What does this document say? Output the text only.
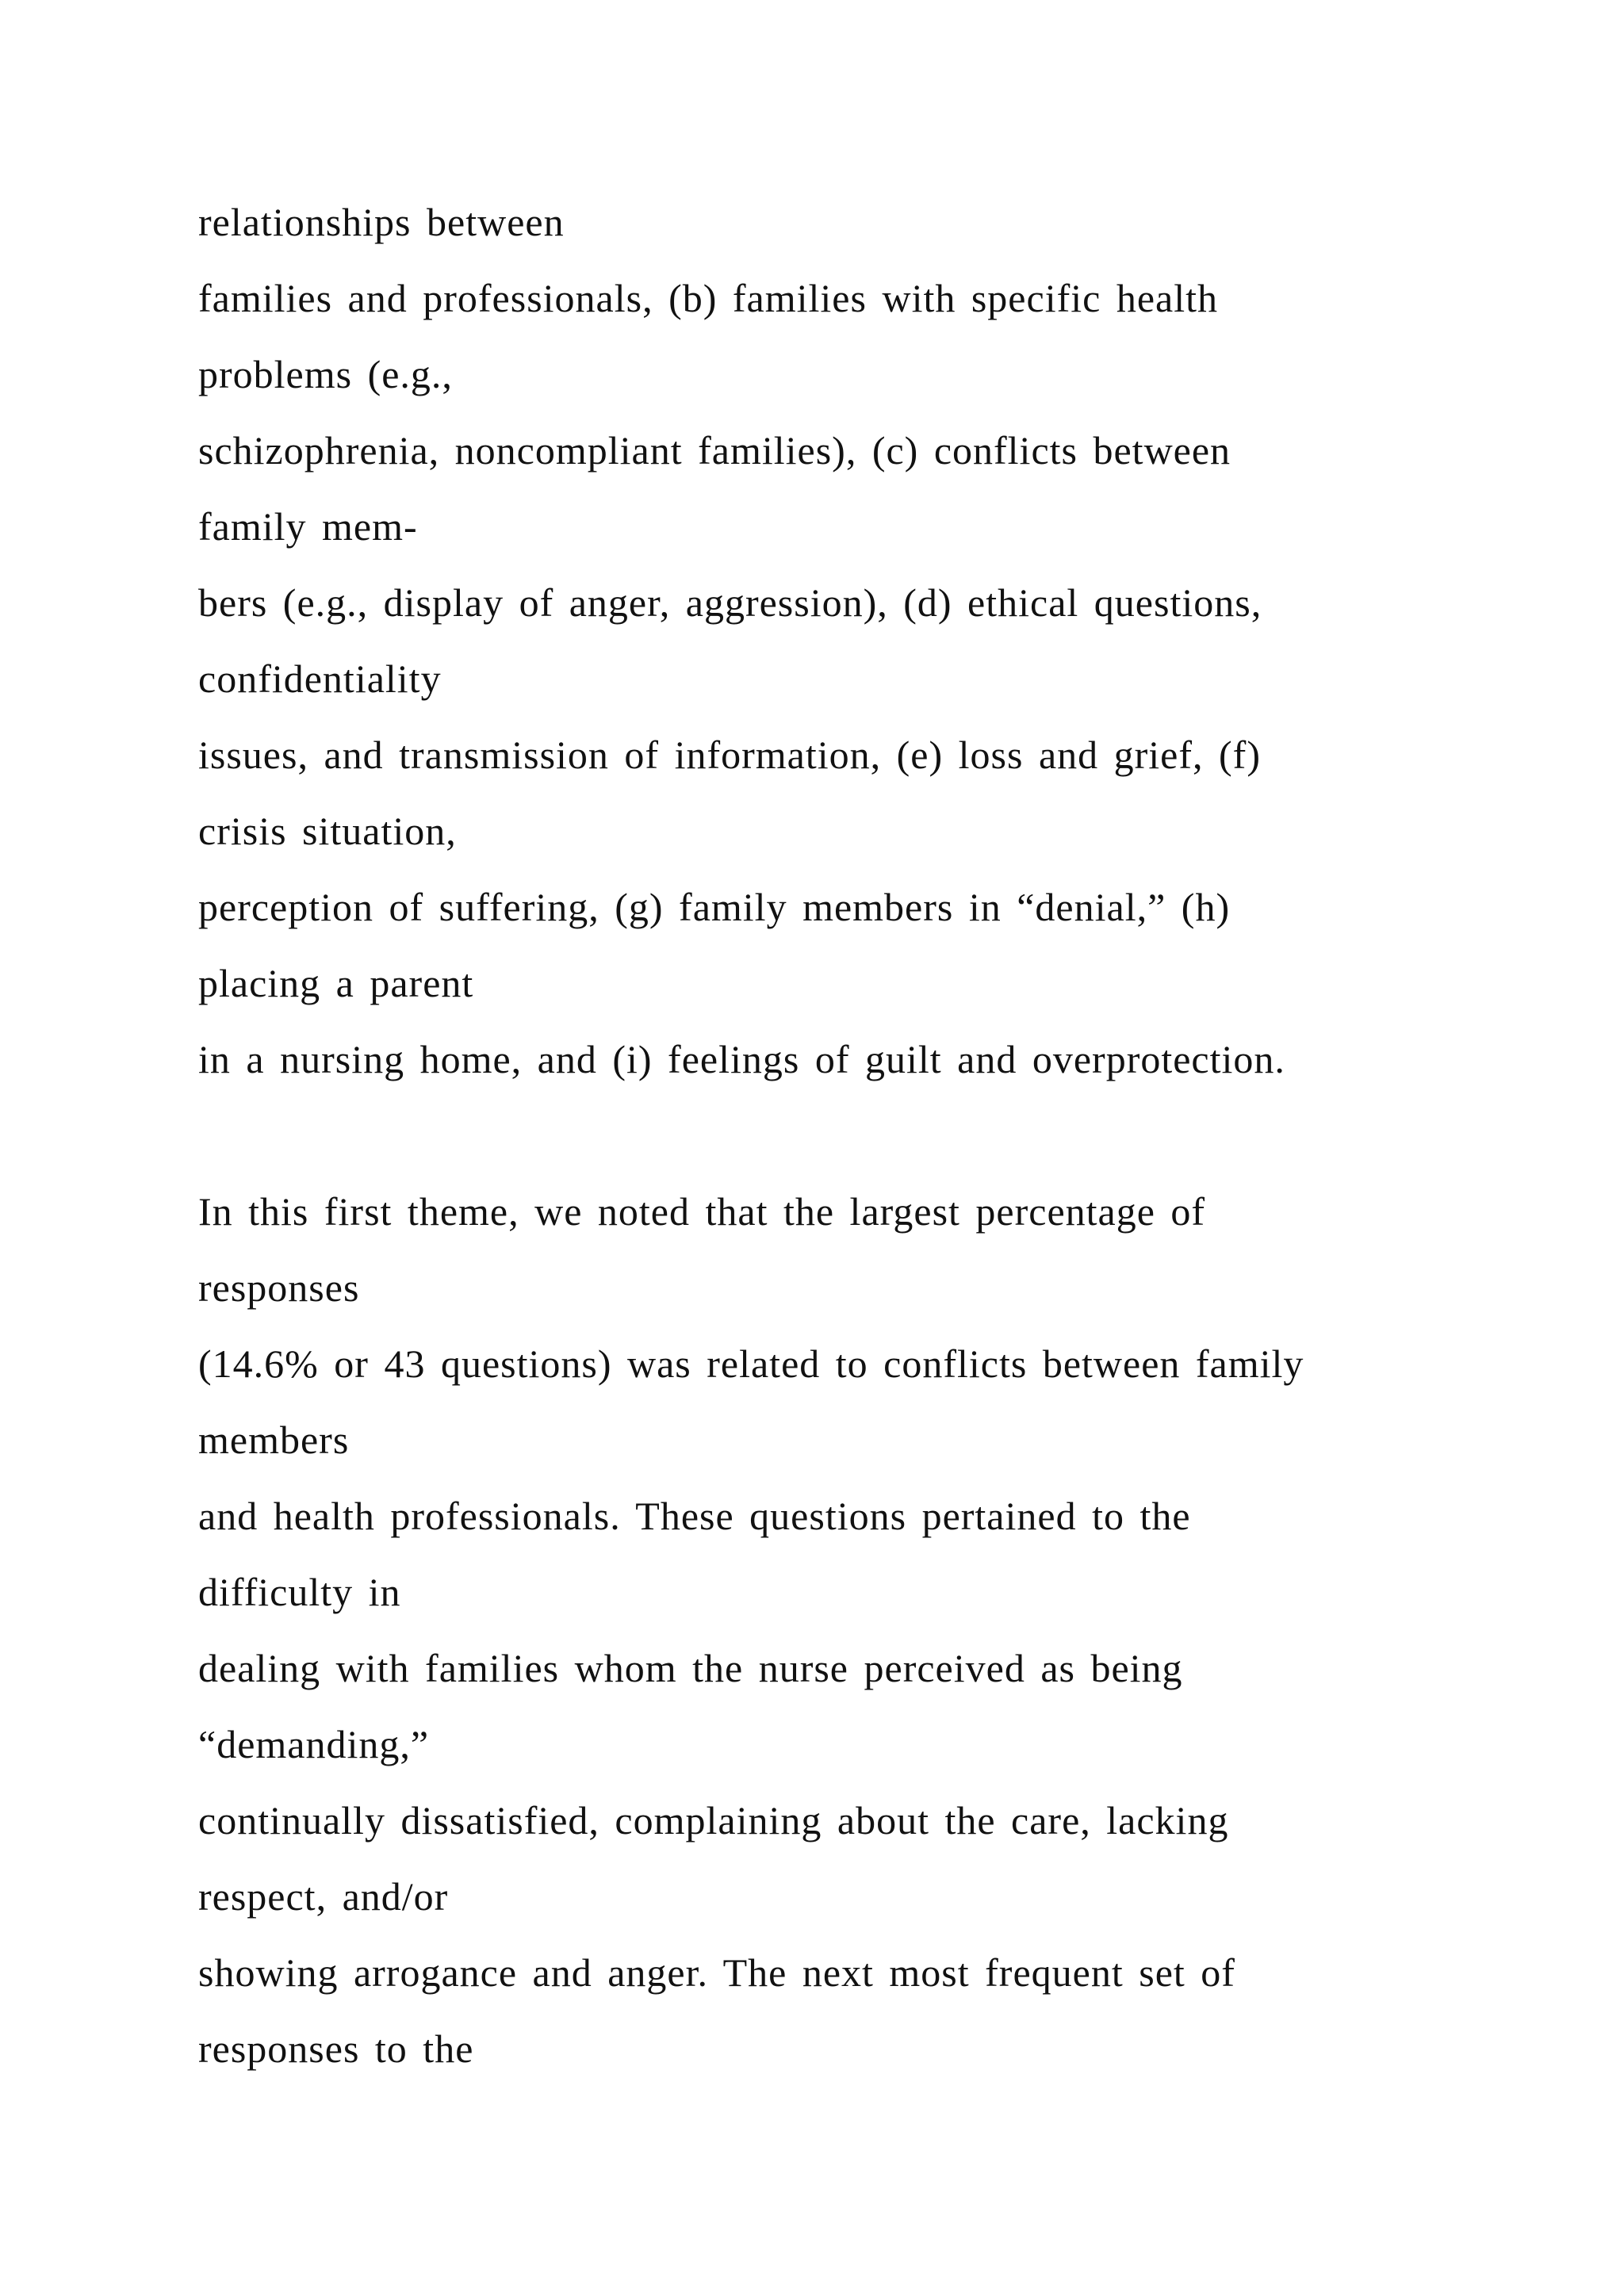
relationships between
families and professionals, (b) families with specific health
problems (e.g.,
schizophrenia, noncompliant families), (c) conflicts between
family mem-
bers (e.g., display of anger, aggression), (d) ethical questions,
confidentiality
issues, and transmission of information, (e) loss and grief, (f)
crisis situation,
perception of suffering, (g) family members in “denial,” (h)
placing a parent
in a nursing home, and (i) feelings of guilt and overprotection.
In this first theme, we noted that the largest percentage of
responses
(14.6% or 43 questions) was related to conflicts between family
members
and health professionals. These questions pertained to the
difficulty in
dealing with families whom the nurse perceived as being
“demanding,”
continually dissatisfied, complaining about the care, lacking
respect, and/or
showing arrogance and anger. The next most frequent set of
responses to the
